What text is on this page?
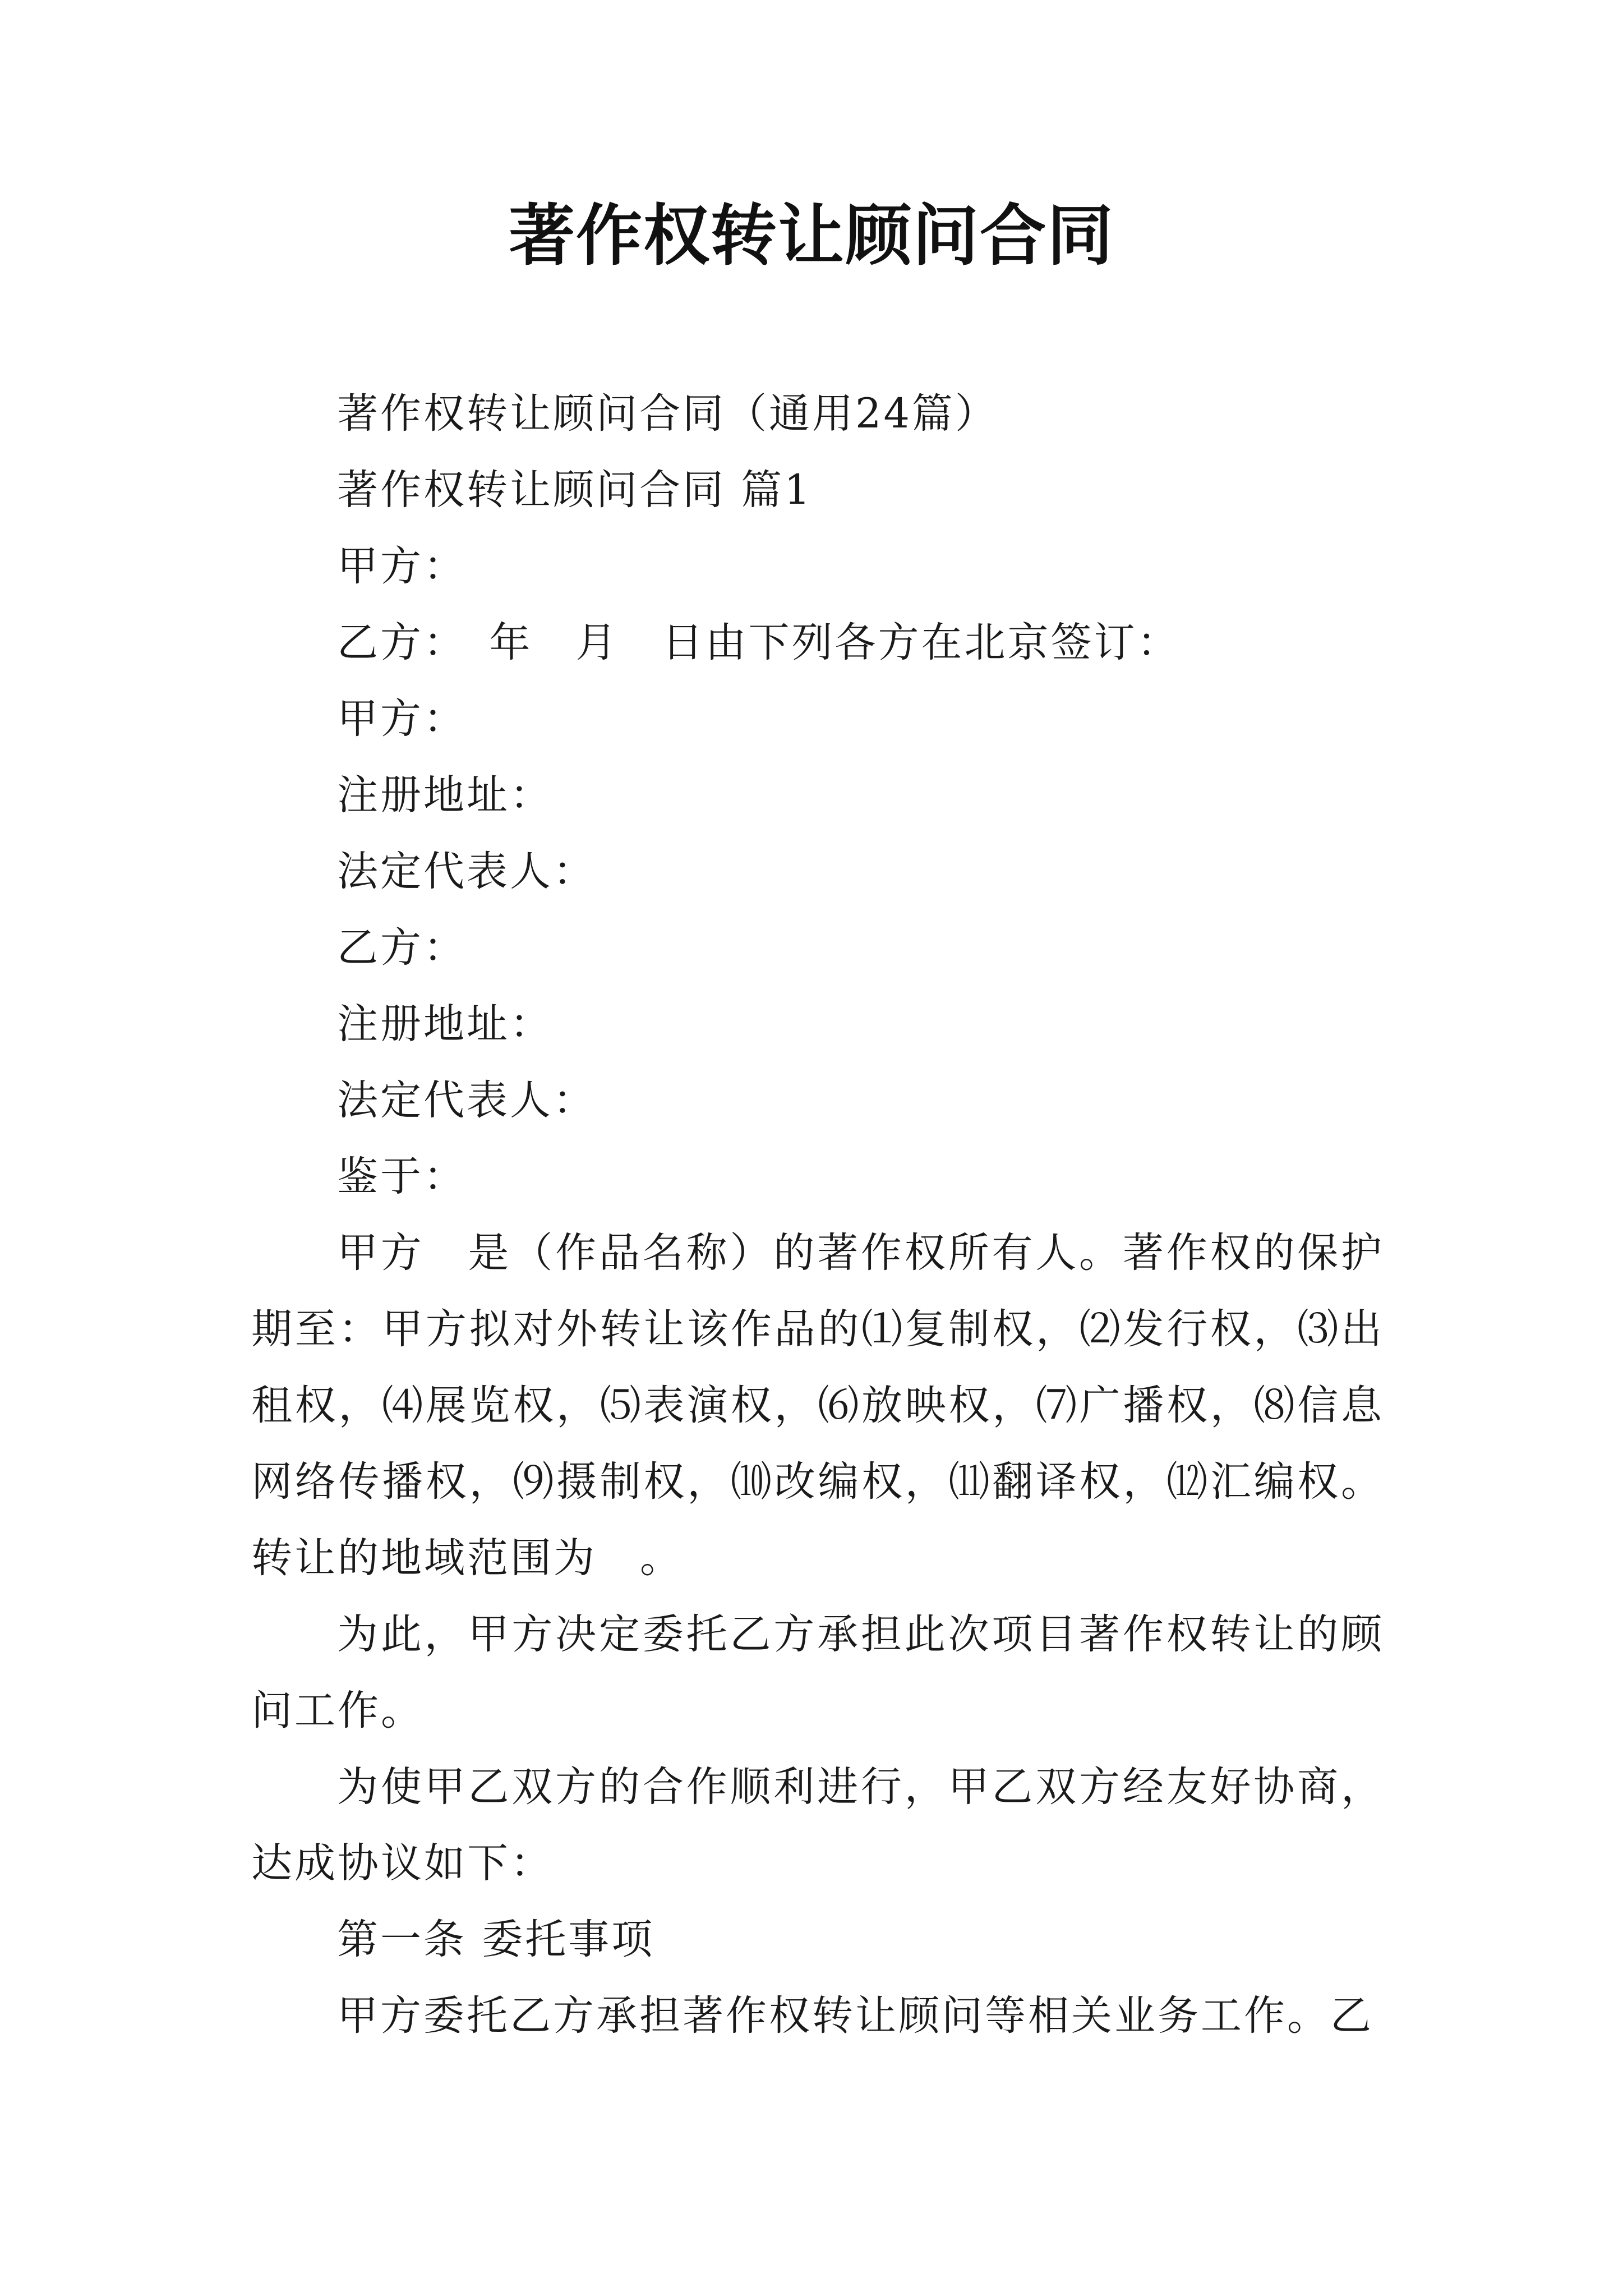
著作权转让顾问合同

著作权转让顾问合同（通用24篇）

著作权转让顾问合同 篇1

甲方：

乙方：　年　月　日由下列各方在北京签订：

甲方：

注册地址：

法定代表人：

乙方：

注册地址：

法定代表人：

鉴于：

甲方　是（作品名称）的著作权所有人。著作权的保护期至：甲方拟对外转让该作品的⑴复制权，⑵发行权，⑶出租权，⑷展览权，⑸表演权，⑹放映权，⑺广播权，⑻信息网络传播权，⑼摄制权，⑽改编权，⑾翻译权，⑿汇编权。转让的地域范围为　。

为此，甲方决定委托乙方承担此次项目著作权转让的顾问工作。

为使甲乙双方的合作顺利进行，甲乙双方经友好协商，达成协议如下：

第一条 委托事项

甲方委托乙方承担著作权转让顾问等相关业务工作。乙
